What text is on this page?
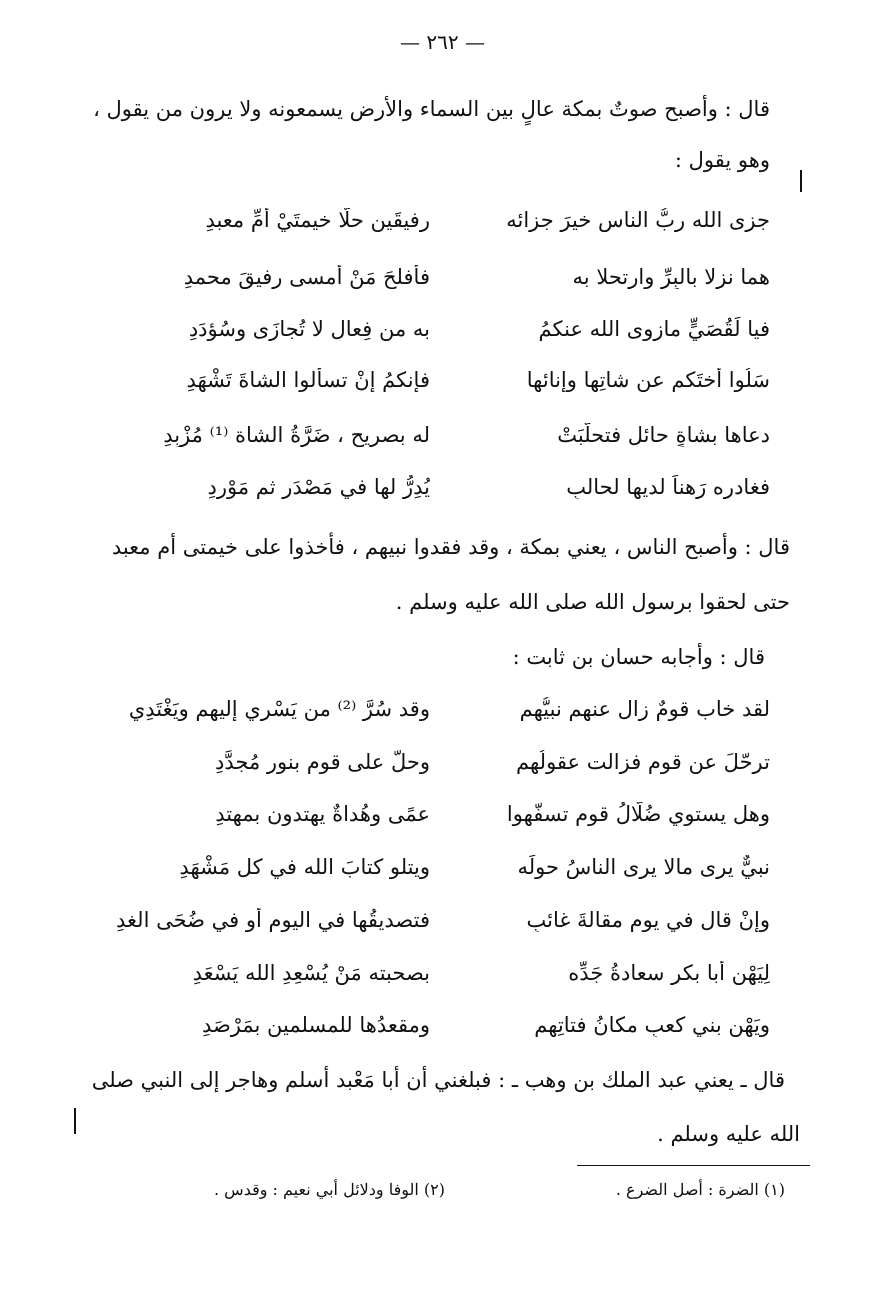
— ٢٦٢ —
قال : وأصبح صوتٌ بمكة عالٍ بين السماء والأرض يسمعونه ولا يرون من يقول ،
وهو يقول :
جزى الله ربُّ الناس خيرَ جزائه
رفيقَين حلَّا خيمتَيْ أمِّ معبدِ
هما نزلا بالبِرِّ وارتحلا به
فأفلحَ مَنْ أمسى رفيقَ محمدِ
فيا لَقُصَيٍّ مازوى الله عنكمُ
به من فِعالٍ لا تُجازَى وسُؤدَدِ
سَلُوا أختَكم عن شاتِها وإنائها
فإنكمُ إنْ تسألوا الشاةَ تَشْهَدِ
دعاها بشاةٍ حائلٍ فتحلّبَتْ
له بصريحٍ ، ضَرَّةُ الشاة ⁽¹⁾ مُزْبِدِ
فغادره رَهناً لديها لحالبٍ
يُدِرُّ لها في مَصْدَرٍ ثم مَوْرِدِ
قال : وأصبح الناس ، يعني بمكة ، وقد فقدوا نبيهم ، فأخذوا على خيمتى أم معبد
حتى لحقوا برسول الله صلى الله عليه وسلم .
قال : وأجابه حسان بن ثابت :
لقد خاب قومٌ زال عنهم نبيُّهم
وقد سُرَّ ⁽²⁾ من يَسْري إليهم ويَغْتَدِي
ترحّلَ عن قومٍ فزالت عقولُهم
وحلَّ على قومٍ بنورٍ مُجدَّدِ
وهل يستوي ضُلّالُ قومٍ تسفّهوا
عمًى وهُداةٌ يهتدون بمهتدِ
نبيٌّ يرى مالا يرى الناسُ حولَه
ويتلو كتابَ الله في كل مَشْهَدِ
وإنْ قال في يومٍ مقالةَ غائبٍ
فتصديقُها في اليوم أو في ضُحَى الغدِ
لِيَهْنِ أبا بكرٍ سعادةُ جَدِّه
بصحبته مَنْ يُسْعِدِ الله يَسْعَدِ
ويَهْنِ بني كعبٍ مكانُ فتاتِهم
ومقعدُها للمسلمين بمَرْصَدِ
قال ـ يعني عبد الملك بن وهب ـ : فبلغني أن أبا مَعْبد أسلم وهاجر إلى النبي صلى
الله عليه وسلم .
(١) الضرة : أصل الضرع .
(٢) الوفا ودلائل أبي نعيم : وقدس .
